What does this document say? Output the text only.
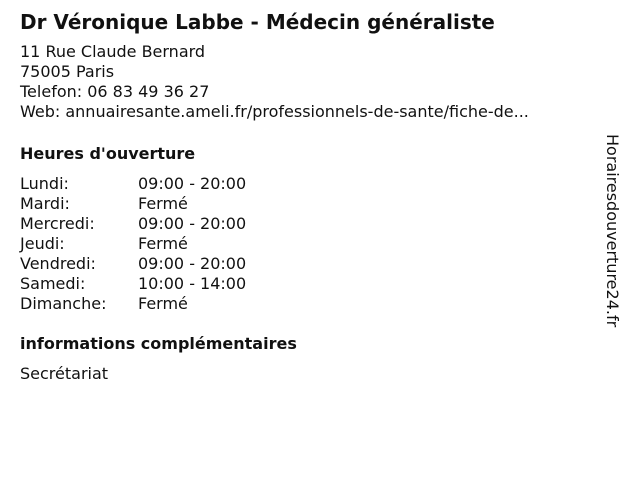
Dr Véronique Labbe - Médecin généraliste
11 Rue Claude Bernard
75005 Paris
Telefon: 06 83 49 36 27
Web: annuairesante.ameli.fr/professionnels-de-sante/fiche-de...
Heures d'ouverture
Lundi:	09:00 - 20:00
Mardi:	Fermé
Mercredi:	09:00 - 20:00
Jeudi:	Fermé
Vendredi:	09:00 - 20:00
Samedi:	10:00 - 14:00
Dimanche:	Fermé
informations complémentaires
Secrétariat
Horairesdouverture24.fr
